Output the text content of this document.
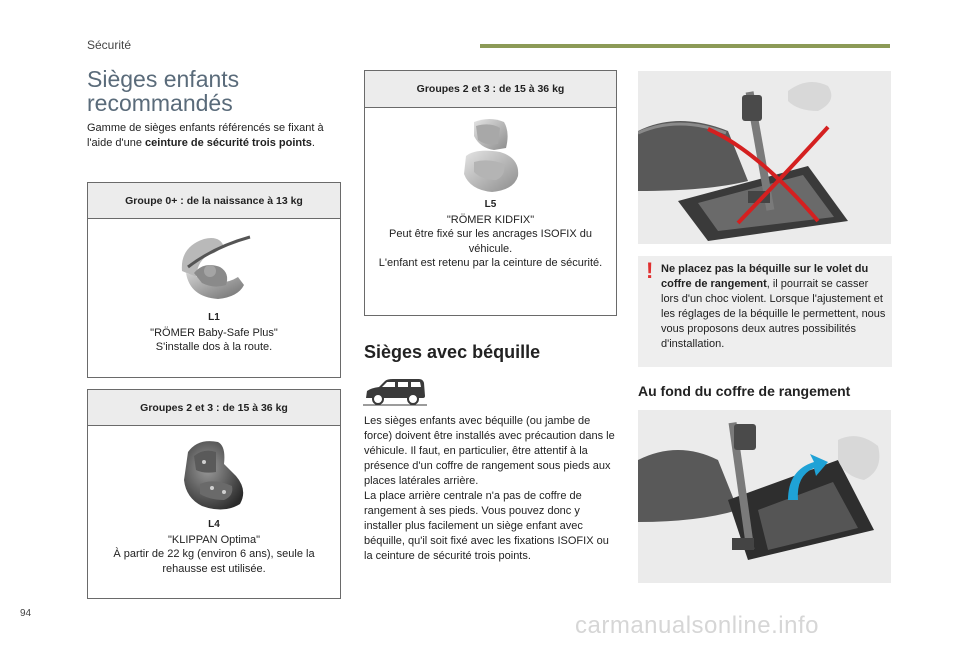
Sécurité
Sièges enfants recommandés
Gamme de sièges enfants référencés se fixant à l'aide d'une ceinture de sécurité trois points.
Groupe 0+ : de la naissance à 13 kg
L1
"RÖMER Baby-Safe Plus"
S'installe dos à la route.
Groupes 2 et 3 : de 15 à 36 kg
L4
"KLIPPAN Optima"
À partir de 22 kg (environ 6 ans), seule la rehausse est utilisée.
Groupes 2 et 3 : de 15 à 36 kg
L5
"RÖMER KIDFIX"
Peut être fixé sur les ancrages ISOFIX du véhicule.
L'enfant est retenu par la ceinture de sécurité.
Sièges avec béquille
Les sièges enfants avec béquille (ou jambe de force) doivent être installés avec précaution dans le véhicule. Il faut, en particulier, être attentif à la présence d'un coffre de rangement sous pieds aux places latérales arrière.
La place arrière centrale n'a pas de coffre de rangement à ses pieds. Vous pouvez donc y installer plus facilement un siège enfant avec béquille, qu'il soit fixé avec les fixations ISOFIX ou la ceinture de sécurité trois points.
! Ne placez pas la béquille sur le volet du coffre de rangement, il pourrait se casser lors d'un choc violent. Lorsque l'ajustement et les réglages de la béquille le permettent, nous vous proposons deux autres possibilités d'installation.
Au fond du coffre de rangement
94	carmanualsonline.info
